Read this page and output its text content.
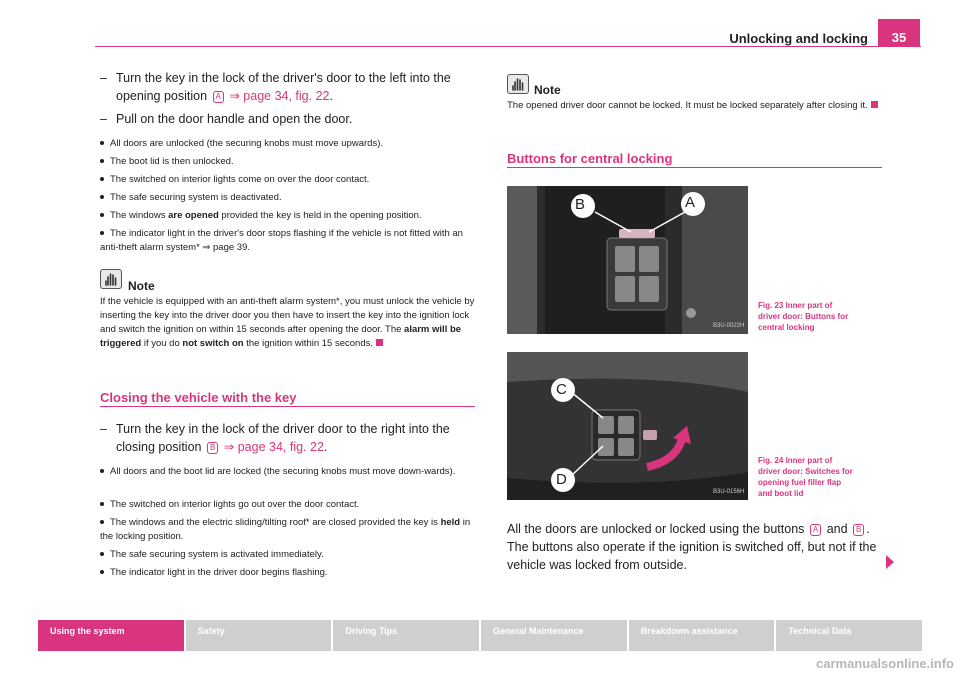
Unlocking and locking	35
– Turn the key in the lock of the driver's door to the left into the opening position A ⇒ page 34, fig. 22.
– Pull on the door handle and open the door.
All doors are unlocked (the securing knobs must move upwards).
The boot lid is then unlocked.
The switched on interior lights come on over the door contact.
The safe securing system is deactivated.
The windows are opened provided the key is held in the opening position.
The indicator light in the driver's door stops flashing if the vehicle is not fitted with an anti-theft alarm system* ⇒ page 39.
Note
If the vehicle is equipped with an anti-theft alarm system*, you must unlock the vehicle by inserting the key into the driver door you then have to insert the key into the ignition lock and switch the ignition on within 15 seconds after opening the door. The alarm will be triggered if you do not switch on the ignition within 15 seconds.
Closing the vehicle with the key
– Turn the key in the lock of the driver door to the right into the closing position B ⇒ page 34, fig. 22.
All doors and the boot lid are locked (the securing knobs must move down-wards).
The switched on interior lights go out over the door contact.
The windows and the electric sliding/tilting roof* are closed provided the key is held in the locking position.
The safe securing system is activated immediately.
The indicator light in the driver door begins flashing.
Note
The opened driver door cannot be locked. It must be locked separately after closing it.
Buttons for central locking
B	A
B3U-0022H
Fig. 23 Inner part of
driver door: Buttons for
central locking
C
D
B3U-0156H
Fig. 24 Inner part of
driver door: Switches for
opening fuel filler flap
and boot lid
All the doors are unlocked or locked using the buttons A and B . The buttons also operate if the ignition is switched off, but not if the vehicle was locked from outside.
Using the system	Safety	Driving Tips	General Maintenance	Breakdown assistance	Technical Data
carmanualsonline.info
